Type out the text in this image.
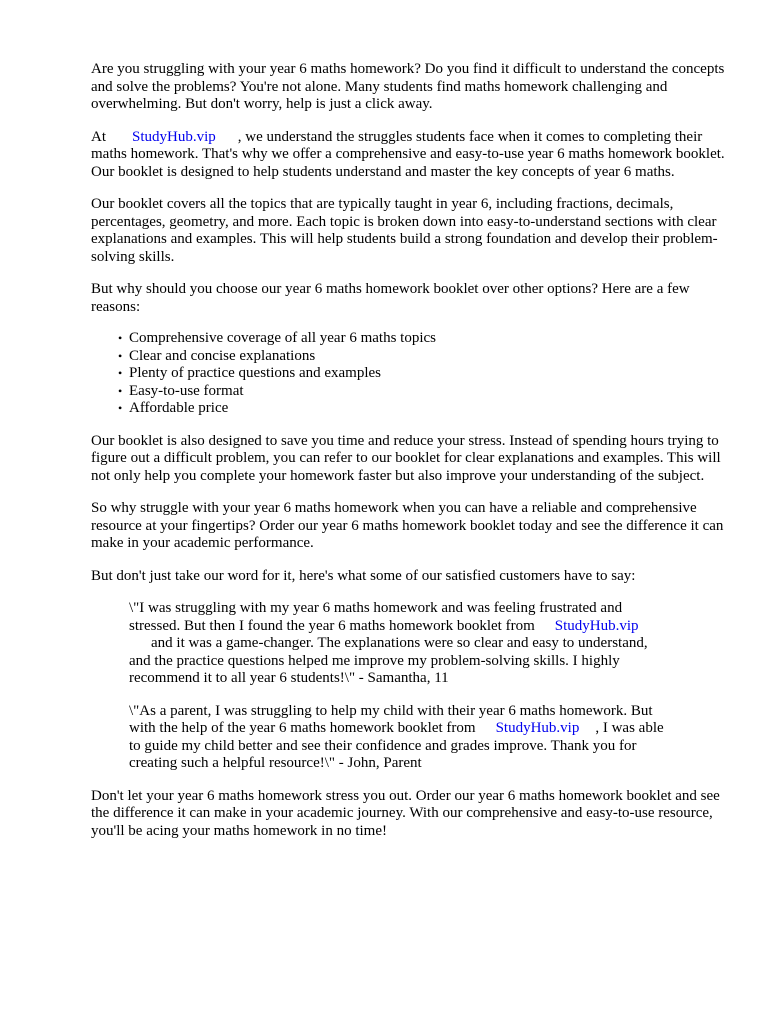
Are you struggling with your year 6 maths homework? Do you find it difficult to understand the concepts and solve the problems? You're not alone. Many students find maths homework challenging and overwhelming. But don't worry, help is just a click away.

At StudyHub.vip , we understand the struggles students face when it comes to completing their maths homework. That's why we offer a comprehensive and easy-to-use year 6 maths homework booklet. Our booklet is designed to help students understand and master the key concepts of year 6 maths.

Our booklet covers all the topics that are typically taught in year 6, including fractions, decimals, percentages, geometry, and more. Each topic is broken down into easy-to-understand sections with clear explanations and examples. This will help students build a strong foundation and develop their problem-solving skills.

But why should you choose our year 6 maths homework booklet over other options? Here are a few reasons:

• Comprehensive coverage of all year 6 maths topics
• Clear and concise explanations
• Plenty of practice questions and examples
• Easy-to-use format
• Affordable price

Our booklet is also designed to save you time and reduce your stress. Instead of spending hours trying to figure out a difficult problem, you can refer to our booklet for clear explanations and examples. This will not only help you complete your homework faster but also improve your understanding of the subject.

So why struggle with your year 6 maths homework when you can have a reliable and comprehensive resource at your fingertips? Order our year 6 maths homework booklet today and see the difference it can make in your academic performance.

But don't just take our word for it, here's what some of our satisfied customers have to say:

\"I was struggling with my year 6 maths homework and was feeling frustrated and stressed. But then I found the year 6 maths homework booklet from StudyHub.vip
and it was a game-changer. The explanations were so clear and easy to understand, and the practice questions helped me improve my problem-solving skills. I highly recommend it to all year 6 students!\" - Samantha, 11
\"As a parent, I was struggling to help my child with their year 6 maths homework. But with the help of the year 6 maths homework booklet from StudyHub.vip , I was able to guide my child better and see their confidence and grades improve. Thank you for creating such a helpful resource!\" - John, Parent

Don't let your year 6 maths homework stress you out. Order our year 6 maths homework booklet and see the difference it can make in your academic journey. With our comprehensive and easy-to-use resource, you'll be acing your maths homework in no time!
